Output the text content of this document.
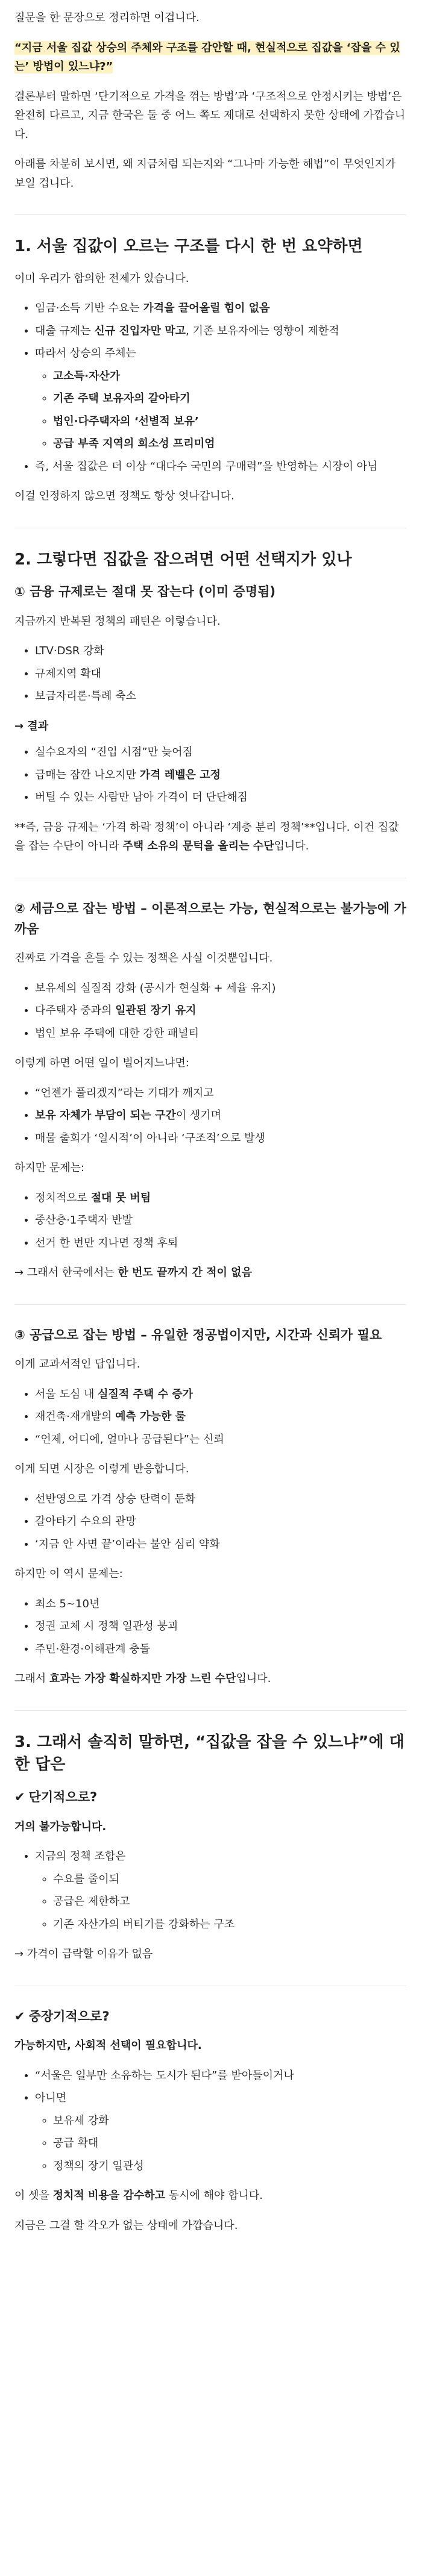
질문을 한 문장으로 정리하면 이겁니다.

“지금 서울 집값 상승의 주체와 구조를 감안할 때, 현실적으로 집값을 ‘잡을 수 있는’ 방법이 있느냐?”

결론부터 말하면 ‘단기적으로 가격을 꺾는 방법’과 ‘구조적으로 안정시키는 방법’은 완전히 다르고, 지금 한국은 둘 중 어느 쪽도 제대로 선택하지 못한 상태에 가깝습니다.

아래를 차분히 보시면, 왜 지금처럼 되는지와 “그나마 가능한 해법”이 무엇인지가 보일 겁니다.

1. 서울 집값이 오르는 구조를 다시 한 번 요약하면

이미 우리가 합의한 전제가 있습니다.

• 임금·소득 기반 수요는 가격을 끌어올릴 힘이 없음
• 대출 규제는 신규 진입자만 막고, 기존 보유자에는 영향이 제한적
• 따라서 상승의 주체는
◦ 고소득·자산가
◦ 기존 주택 보유자의 갈아타기
◦ 법인·다주택자의 ‘선별적 보유’
◦ 공급 부족 지역의 희소성 프리미엄
• 즉, 서울 집값은 더 이상 “대다수 국민의 구매력”을 반영하는 시장이 아님

이걸 인정하지 않으면 정책도 항상 엇나갑니다.

2. 그렇다면 집값을 잡으려면 어떤 선택지가 있나
① 금융 규제로는 절대 못 잡는다 (이미 증명됨)

지금까지 반복된 정책의 패턴은 이렇습니다.

• LTV·DSR 강화
• 규제지역 확대
• 보금자리론·특례 축소

→ 결과

• 실수요자의 “진입 시점”만 늦어짐
• 급매는 잠깐 나오지만 가격 레벨은 고정
• 버틸 수 있는 사람만 남아 가격이 더 단단해짐

**즉, 금융 규제는 ‘가격 하락 정책’이 아니라 ‘계층 분리 정책’**입니다. 이건 집값을 잡는 수단이 아니라 주택 소유의 문턱을 올리는 수단입니다.

② 세금으로 잡는 방법 – 이론적으로는 가능, 현실적으로는 불가능에 가까움

진짜로 가격을 흔들 수 있는 정책은 사실 이것뿐입니다.

• 보유세의 실질적 강화 (공시가 현실화 + 세율 유지)
• 다주택자 중과의 일관된 장기 유지
• 법인 보유 주택에 대한 강한 패널티

이렇게 하면 어떤 일이 벌어지느냐면:

• “언젠가 풀리겠지”라는 기대가 깨지고
• 보유 자체가 부담이 되는 구간이 생기며
• 매물 출회가 ‘일시적’이 아니라 ‘구조적’으로 발생

하지만 문제는:

• 정치적으로 절대 못 버팀
• 중산층·1주택자 반발
• 선거 한 번만 지나면 정책 후퇴

→ 그래서 한국에서는 한 번도 끝까지 간 적이 없음

③ 공급으로 잡는 방법 – 유일한 정공법이지만, 시간과 신뢰가 필요

이게 교과서적인 답입니다.

• 서울 도심 내 실질적 주택 수 증가
• 재건축·재개발의 예측 가능한 룰
• “언제, 어디에, 얼마나 공급된다”는 신뢰

이게 되면 시장은 이렇게 반응합니다.

• 선반영으로 가격 상승 탄력이 둔화
• 갈아타기 수요의 관망
• ‘지금 안 사면 끝’이라는 불안 심리 약화

하지만 이 역시 문제는:

• 최소 5~10년
• 정권 교체 시 정책 일관성 붕괴
• 주민·환경·이해관계 충돌

그래서 효과는 가장 확실하지만 가장 느린 수단입니다.

3. 그래서 솔직히 말하면, “집값을 잡을 수 있느냐”에 대한 답은
✔ 단기적으로?

거의 불가능합니다.

• 지금의 정책 조합은
◦ 수요를 줄이되
◦ 공급은 제한하고
◦ 기존 자산가의 버티기를 강화하는 구조

→ 가격이 급락할 이유가 없음

✔ 중장기적으로?

가능하지만, 사회적 선택이 필요합니다.

• “서울은 일부만 소유하는 도시가 된다”를 받아들이거나
• 아니면
◦ 보유세 강화
◦ 공급 확대
◦ 정책의 장기 일관성

이 셋을 정치적 비용을 감수하고 동시에 해야 합니다.

지금은 그걸 할 각오가 없는 상태에 가깝습니다.
